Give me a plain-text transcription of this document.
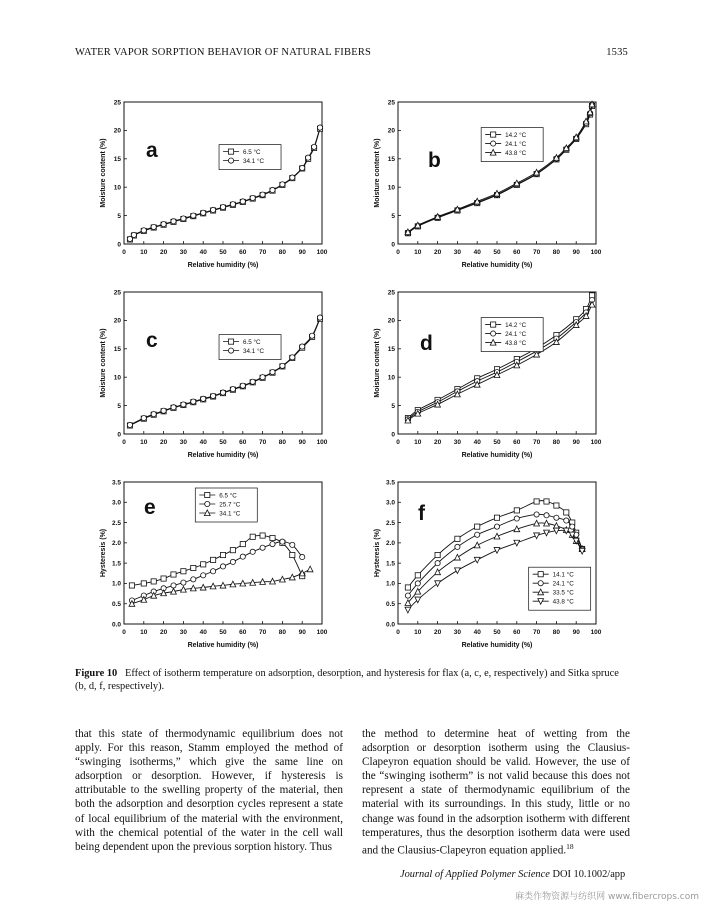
WATER VAPOR SORPTION BEHAVIOR OF NATURAL FIBERS	1535
0 10 20 30 40 50 60 70 80 90 100
0
5
10
15
20
25
Relative humidity (%)
Moisture content (%) a	6.5 °C
34.1 °C
0 10 20 30 40 50 60 70 80 90 100
0
5
10
15
20
25
Relative humidity (%)
Moisture content (%) b
14.2 °C
24.1 °C
43.8 °C
0 10 20 30 40 50 60 70 80 90 100
0
5
10
15
20
25
Relative humidity (%)
Moisture content (%) c	6.5 °C
34.1 °C
0 10 20 30 40 50 60 70 80 90 100
0
5
10
15
20
25
Relative humidity (%)
Moisture content (%) d
14.2 °C
24.1 °C
43.8 °C
0 10 20 30 40 50 60 70 80 90 100
0.0
0.5
1.0
1.5
2.0
2.5
3.0
3.5
Relative humidity (%)
Hysteresis (%)
e
6.5 °C
25.7 °C
34.1 °C
0 10 20 30 40 50 60 70 80 90 100
0.0
0.5
1.0
1.5
2.0
2.5
3.0
3.5
Relative humidity (%)
Hysteresis (%)
f
14.1 °C
24.1 °C
33.5 °C
43.8 °C
Figure 10 Effect of isotherm temperature on adsorption, desorption, and hysteresis for flax (a, c, e, respectively) and Sitka spruce (b, d, f, respectively).
that this state of thermodynamic equilibrium does not apply. For this reason, Stamm employed the method of “swinging isotherms,” which give the same line on adsorption or desorption. However, if hysteresis is attributable to the swelling property of the material, then both the adsorption and desorption cycles represent a state of local equilibrium of the material with the environment, with the chemical potential of the water in the cell wall being dependent upon the previous sorption history. Thus
the method to determine heat of wetting from the adsorption or desorption isotherm using the Clausius-Clapeyron equation should be valid. However, the use of the “swinging isotherm” is not valid because this does not represent a state of thermodynamic equilibrium of the material with its surroundings. In this study, little or no change was found in the adsorption isotherm with different temperatures, thus the desorption isotherm data were used and the Clausius-Clapeyron equation applied.$^{18}$
Journal of Applied Polymer Science DOI 10.1002/app
麻类作物资源与纺织网 www.fibercrops.com
